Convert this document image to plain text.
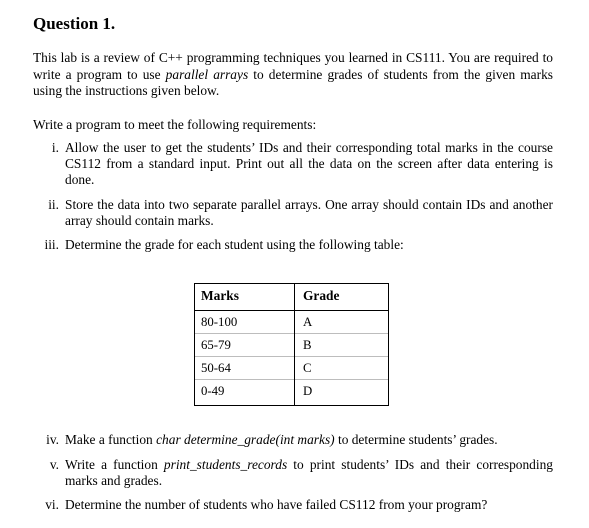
Question 1.

This lab is a review of C++ programming techniques you learned in CS111. You are required to write a program to use parallel arrays to determine grades of students from the given marks using the instructions given below.

Write a program to meet the following requirements:

i. Allow the user to get the students’ IDs and their corresponding total marks in the course CS112 from a standard input. Print out all the data on the screen after data entering is done.
ii. Store the data into two separate parallel arrays. One array should contain IDs and another array should contain marks.
iii. Determine the grade for each student using the following table:
Marks	Grade
80-100	A
65-79	B
50-64	C
0-49	D
iv. Make a function char determine_grade(int marks) to determine students’ grades.
v. Write a function print_students_records to print students’ IDs and their corresponding marks and grades.
vi. Determine the number of students who have failed CS112 from your program?
